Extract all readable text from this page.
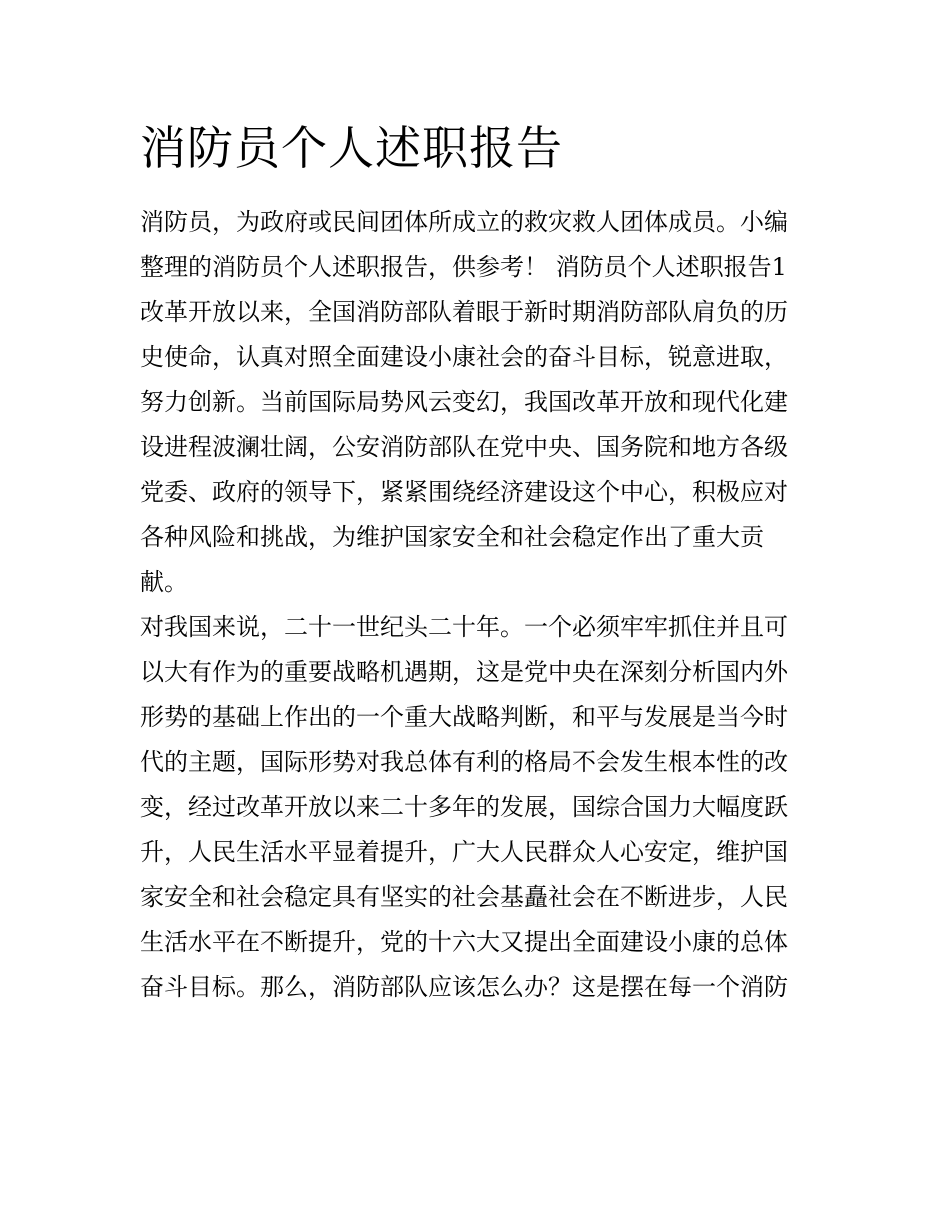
消防员个人述职报告
消防员，为政府或民间团体所成立的救灾救人团体成员。小编
整理的消防员个人述职报告，供参考！ 消防员个人述职报告1
改革开放以来，全国消防部队着眼于新时期消防部队肩负的历
史使命，认真对照全面建设小康社会的奋斗目标，锐意进取，
努力创新。当前国际局势风云变幻，我国改革开放和现代化建
设进程波澜壮阔，公安消防部队在党中央、国务院和地方各级
党委、政府的领导下，紧紧围绕经济建设这个中心，积极应对
各种风险和挑战，为维护国家安全和社会稳定作出了重大贡
献。
对我国来说，二十一世纪头二十年。一个必须牢牢抓住并且可
以大有作为的重要战略机遇期，这是党中央在深刻分析国内外
形势的基础上作出的一个重大战略判断，和平与发展是当今时
代的主题，国际形势对我总体有利的格局不会发生根本性的改
变，经过改革开放以来二十多年的发展，国综合国力大幅度跃
升，人民生活水平显着提升，广大人民群众人心安定，维护国
家安全和社会稳定具有坚实的社会基矗社会在不断进步，人民
生活水平在不断提升，党的十六大又提出全面建设小康的总体
奋斗目标。那么，消防部队应该怎么办？这是摆在每一个消防
